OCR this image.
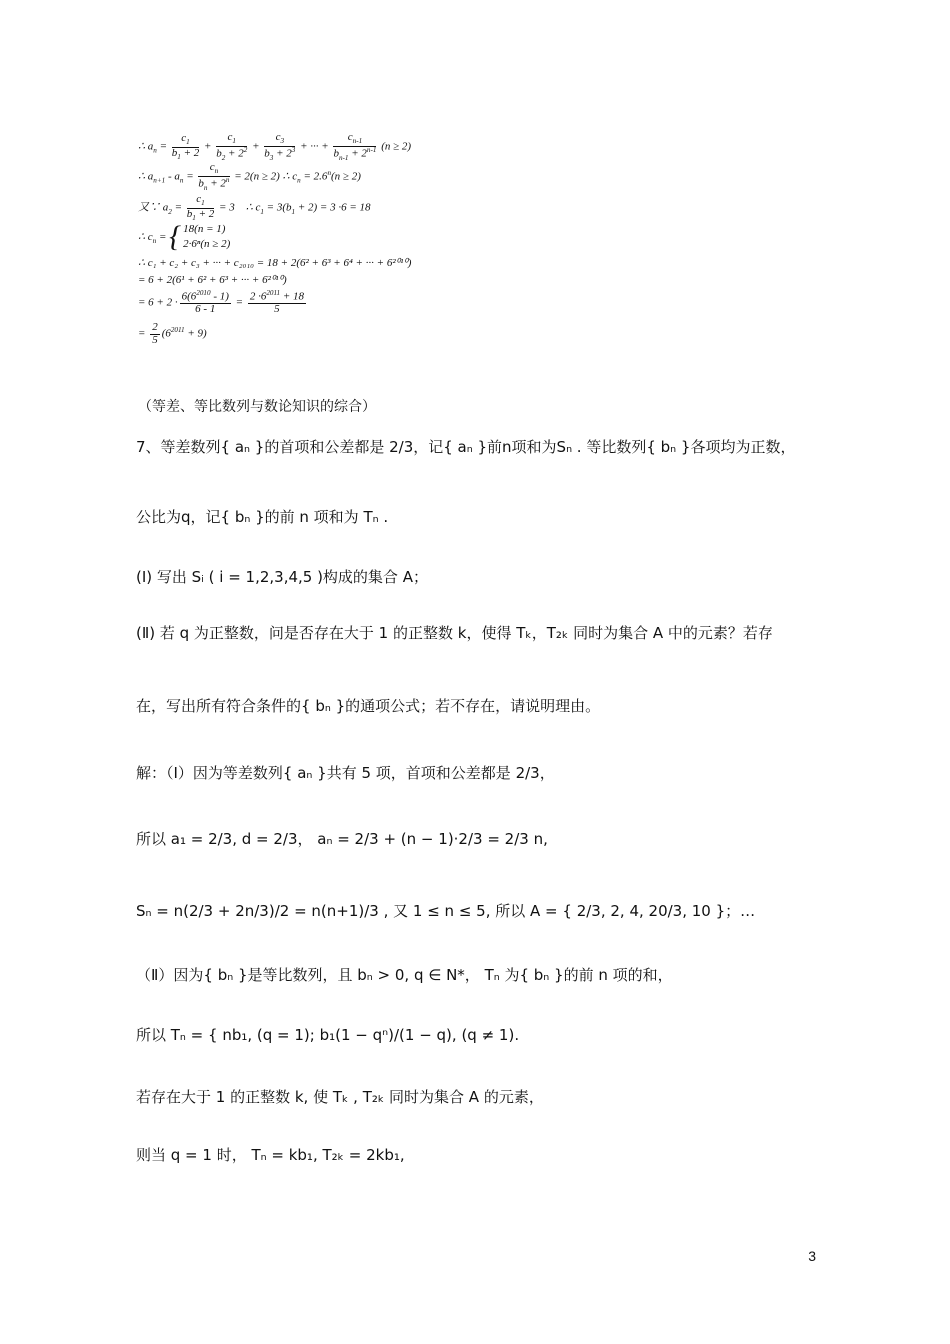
∴ $a_n = \frac{c_1}{b_1 + 2} + \frac{c_1}{b_2 + 2^2} + \frac{c_3}{b_3 + 2^3}$ + ··· + $\frac{c_{n-1}}{b_{n-1} + 2^{n-1}} (n \ge 2)$
∴ $a_{n+1} - a_n = \frac{c_n}{b_n + 2^n} = 2(n \ge 2)$ ∴ $c_n = 2.6^n(n \ge 2)$
又∵ $a_2 = \frac{c_1}{b_1 + 2} = 3$    ∴ $c_1 = 3(b_1 + 2) = 3 \cdot 6 = 18$
∴ $c_n$ = { 18(n = 1)
2·6ⁿ(n ≥ 2)
∴ c₁ + c₂ + c₃ + ··· + c₂₀₁₀ = 18 + 2(6² + 6³ + 6⁴ + ··· + 6²⁰¹⁰)
= 6 + 2(6¹ + 6² + 6³ + ··· + 6²⁰¹⁰)
= $6 + 2 \cdot \frac{6(6^{2010} - 1)}{6 - 1} = \frac{2 \cdot 6^{2011} + 18}{5}$
= $\frac{2}{5} (6^{2011} + 9)$
（等差、等比数列与数论知识的综合）
7、等差数列{ aₙ }的首项和公差都是 2/3，记{ aₙ }前n项和为Sₙ . 等比数列{ bₙ }各项均为正数，
公比为q，记{ bₙ }的前 n 项和为 Tₙ .
(Ⅰ) 写出 Sᵢ ( i = 1,2,3,4,5 )构成的集合 A；
(Ⅱ) 若 q 为正整数，问是否存在大于 1 的正整数 k，使得 Tₖ，T₂ₖ 同时为集合 A 中的元素？若存
在，写出所有符合条件的{ bₙ }的通项公式；若不存在，请说明理由。
解：（Ⅰ）因为等差数列{ aₙ }共有 5 项，首项和公差都是 2/3，
所以 a₁ = 2/3, d = 2/3， aₙ = 2/3 + (n − 1)·2/3 = 2/3 n,
Sₙ = n(2/3 + 2n/3)/2 = n(n+1)/3 , 又 1 ≤ n ≤ 5, 所以 A = { 2/3, 2, 4, 20/3, 10 }；…
（Ⅱ）因为{ bₙ }是等比数列，且 bₙ > 0, q ∈ N*， Tₙ 为{ bₙ }的前 n 项的和，
所以 Tₙ = { nb₁, (q = 1); b₁(1 − qⁿ)/(1 − q), (q ≠ 1).
若存在大于 1 的正整数 k, 使 Tₖ , T₂ₖ 同时为集合 A 的元素，
则当 q = 1 时， Tₙ = kb₁, T₂ₖ = 2kb₁,
3
